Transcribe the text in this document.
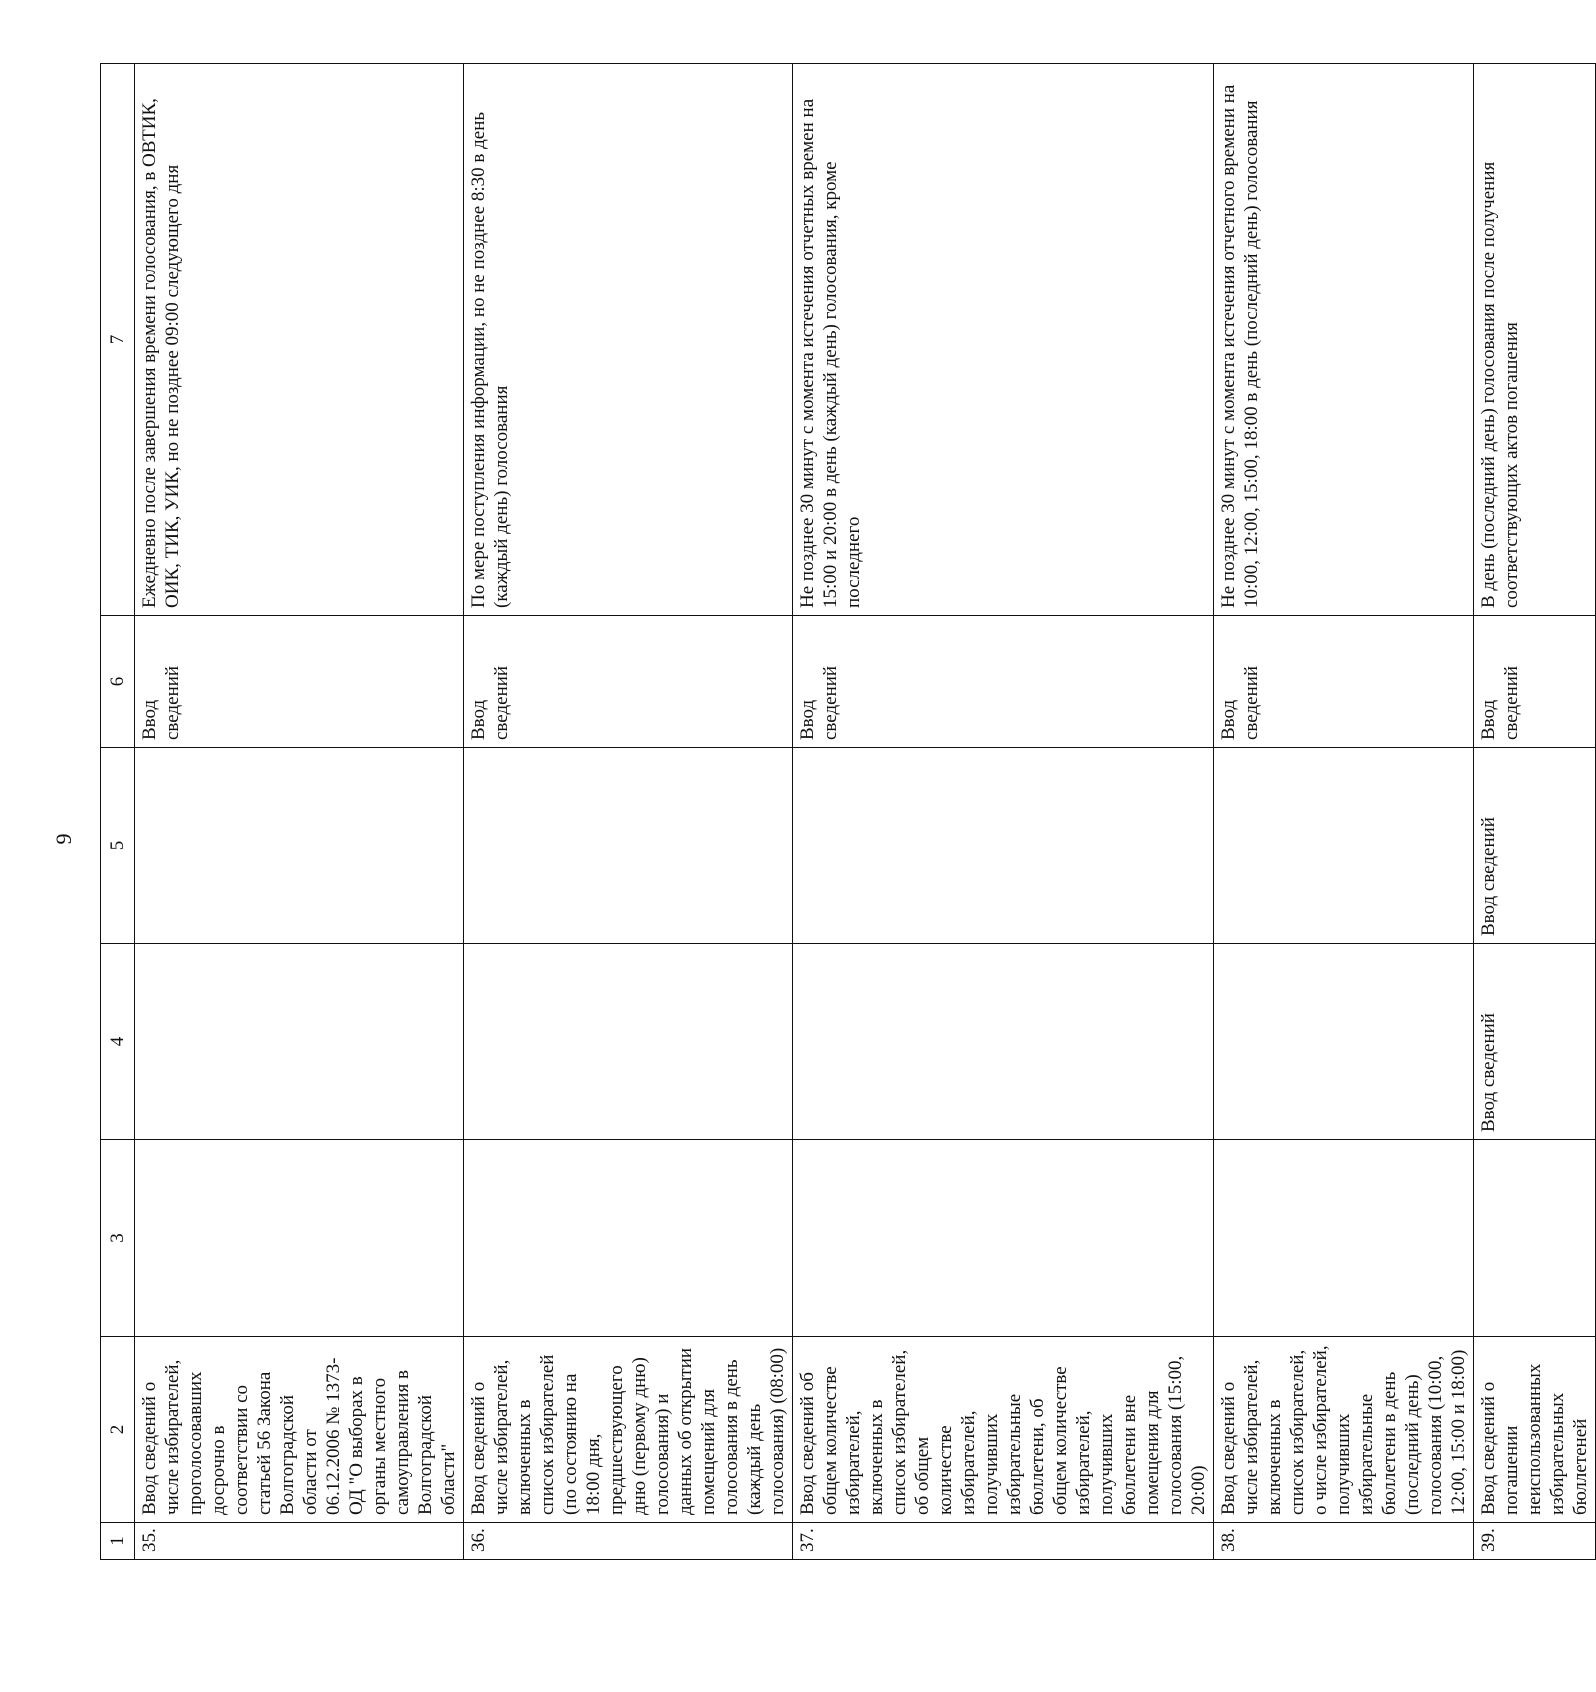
9
1	2	3	4	5	6	7
35.	Ввод сведений о числе избирателей, проголосовавших досрочно в соответствии со статьей 56 Закона Волгоградской области от 06.12.2006 № 1373-ОД "О выборах в органы местного самоуправления в Волгоградской области"				Ввод сведений	Ежедневно после завершения времени голосования, в ОВТИК, ОИК, ТИК, УИК, но не позднее 09:00 следующего дня
36.	Ввод сведений о числе избирателей, включенных в список избирателей (по состоянию на 18:00 дня, предшествующего дню (первому дню) голосования) и данных об открытии помещений для голосования в день (каждый день голосования) (08:00)				Ввод сведений	По мере поступления информации, но не позднее 8:30 в день (каждый день) голосования
37.	Ввод сведений об общем количестве избирателей, включенных в список избирателей, об общем количестве избирателей, получивших избирательные бюллетени, об общем количестве избирателей, получивших бюллетени вне помещения для голосования (15:00, 20:00)				Ввод сведений	Не позднее 30 минут с момента истечения отчетных времен на 15:00 и 20:00 в день (каждый день) голосования, кроме последнего
38.	Ввод сведений о числе избирателей, включенных в список избирателей, о числе избирателей, получивших избирательные бюллетени в день (последний день) голосования (10:00, 12:00, 15:00 и 18:00)				Ввод сведений	Не позднее 30 минут с момента истечения отчетного времени на 10:00, 12:00, 15:00, 18:00 в день (последний день) голосования
39.	Ввод сведений о погашении неиспользованных избирательных бюллетеней		Ввод сведений	Ввод сведений	Ввод сведений	В день (последний день) голосования после получения соответствующих актов погашения
